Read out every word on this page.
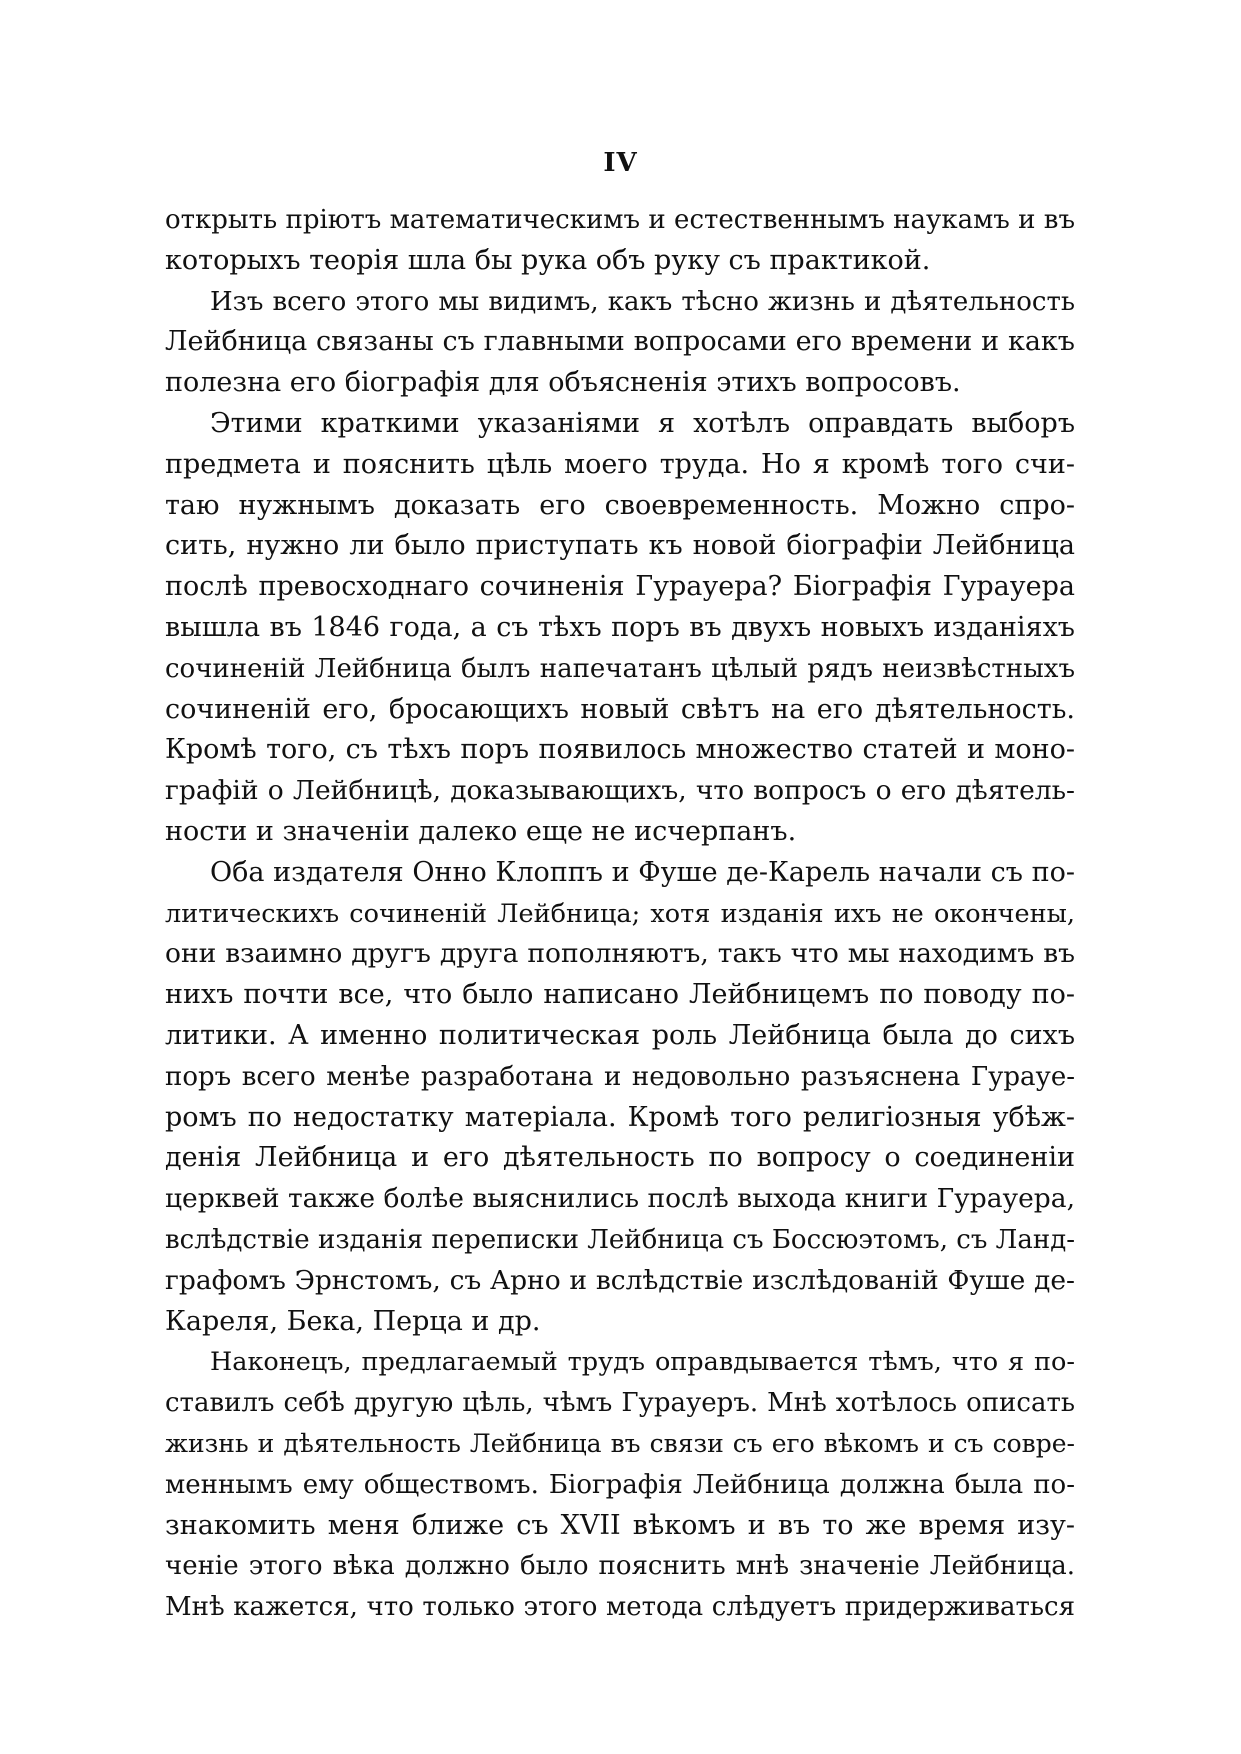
IV
открыть пріютъ математическимъ и естественнымъ наукамъ и въ
которыхъ теорія шла бы рука объ руку съ практикой.
Изъ всего этого мы видимъ, какъ тѣсно жизнь и дѣятельность
Лейбница связаны съ главными вопросами его времени и какъ
полезна его біографія для объясненія этихъ вопросовъ.
Этими краткими указаніями я хотѣлъ оправдать выборъ
предмета и пояснить цѣль моего труда. Но я кромѣ того счи-
таю нужнымъ доказать его своевременность. Можно спро-
сить, нужно ли было приступать къ новой біографіи Лейбница
послѣ превосходнаго сочиненія Гурауера? Біографія Гурауера
вышла въ 1846 года, а съ тѣхъ поръ въ двухъ новыхъ изданіяхъ
сочиненій Лейбница былъ напечатанъ цѣлый рядъ неизвѣстныхъ
сочиненій его, бросающихъ новый свѣтъ на его дѣятельность.
Кромѣ того, съ тѣхъ поръ появилось множество статей и моно-
графій о Лейбницѣ, доказывающихъ, что вопросъ о его дѣятель-
ности и значеніи далеко еще не исчерпанъ.
Оба издателя Онно Клоппъ и Фуше де-Карель начали съ по-
литическихъ сочиненій Лейбница; хотя изданія ихъ не окончены,
они взаимно другъ друга пополняютъ, такъ что мы находимъ въ
нихъ почти все, что было написано Лейбницемъ по поводу по-
литики. А именно политическая роль Лейбница была до сихъ
поръ всего менѣе разработана и недовольно разъяснена Гурауе-
ромъ по недостатку матеріала. Кромѣ того религіозныя убѣж-
денія Лейбница и его дѣятельность по вопросу о соединеніи
церквей также болѣе выяснились послѣ выхода книги Гурауера,
вслѣдствіе изданія переписки Лейбница съ Боссюэтомъ, съ Ланд-
графомъ Эрнстомъ, съ Арно и вслѣдствіе изслѣдованій Фуше де-
Кареля, Бека, Перца и др.
Наконецъ, предлагаемый трудъ оправдывается тѣмъ, что я по-
ставилъ себѣ другую цѣль, чѣмъ Гурауеръ. Мнѣ хотѣлось описать
жизнь и дѣятельность Лейбница въ связи съ его вѣкомъ и съ совре-
меннымъ ему обществомъ. Біографія Лейбница должна была по-
знакомить меня ближе съ XVII вѣкомъ и въ то же время изу-
ченіе этого вѣка должно было пояснить мнѣ значеніе Лейбница.
Мнѣ кажется, что только этого метода слѣдуетъ придерживаться
